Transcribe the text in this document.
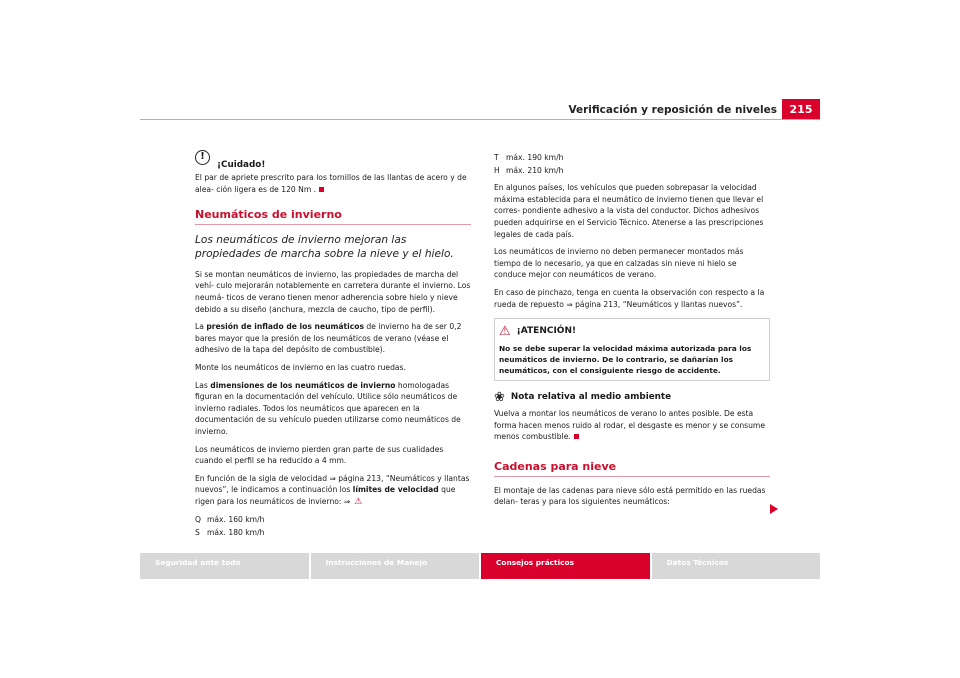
Verificación y reposición de niveles	215
!
¡Cuidado!

El par de apriete prescrito para los tornillos de las llantas de acero y de alea- ción ligera es de 120 Nm .

Neumáticos de invierno
Los neumáticos de invierno mejoran las propiedades de marcha sobre la nieve y el hielo.

Si se montan neumáticos de invierno, las propiedades de marcha del vehí- culo mejorarán notablemente en carretera durante el invierno. Los neumá- ticos de verano tienen menor adherencia sobre hielo y nieve debido a su diseño (anchura, mezcla de caucho, tipo de perfil).

La presión de inflado de los neumáticos de invierno ha de ser 0,2 bares mayor que la presión de los neumáticos de verano (véase el adhesivo de la tapa del depósito de combustible).

Monte los neumáticos de invierno en las cuatro ruedas.

Las dimensiones de los neumáticos de invierno homologadas figuran en la documentación del vehículo. Utilice sólo neumáticos de invierno radiales. Todos los neumáticos que aparecen en la documentación de su vehículo pueden utilizarse como neumáticos de invierno.

Los neumáticos de invierno pierden gran parte de sus cualidades cuando el perfil se ha reducido a 4 mm.

En función de la sigla de velocidad ⇒ página 213, “Neumáticos y llantas nuevos”, le indicamos a continuación los límites de velocidad que rigen para los neumáticos de invierno: ⇒ ⚠

Q máx. 160 km/h
S máx. 180 km/h
T máx. 190 km/h
H máx. 210 km/h

En algunos países, los vehículos que pueden sobrepasar la velocidad máxima establecida para el neumático de invierno tienen que llevar el corres- pondiente adhesivo a la vista del conductor. Dichos adhesivos pueden adquirirse en el Servicio Técnico. Atenerse a las prescripciones legales de cada país.

Los neumáticos de invierno no deben permanecer montados más tiempo de lo necesario, ya que en calzadas sin nieve ni hielo se conduce mejor con neumáticos de verano.

En caso de pinchazo, tenga en cuenta la observación con respecto a la rueda de repuesto ⇒ página 213, “Neumáticos y llantas nuevos”.

⚠ ¡ATENCIÓN!
No se debe superar la velocidad máxima autorizada para los neumáticos de invierno. De lo contrario, se dañarían los neumáticos, con el consiguiente riesgo de accidente.
❀ Nota relativa al medio ambiente

Vuelva a montar los neumáticos de verano lo antes posible. De esta forma hacen menos ruido al rodar, el desgaste es menor y se consume menos combustible.

Cadenas para nieve

El montaje de las cadenas para nieve sólo está permitido en las ruedas delan- teras y para los siguientes neumáticos:

Seguridad ante todo	Instrucciones de Manejo	Consejos prácticos	Datos Técnicos
